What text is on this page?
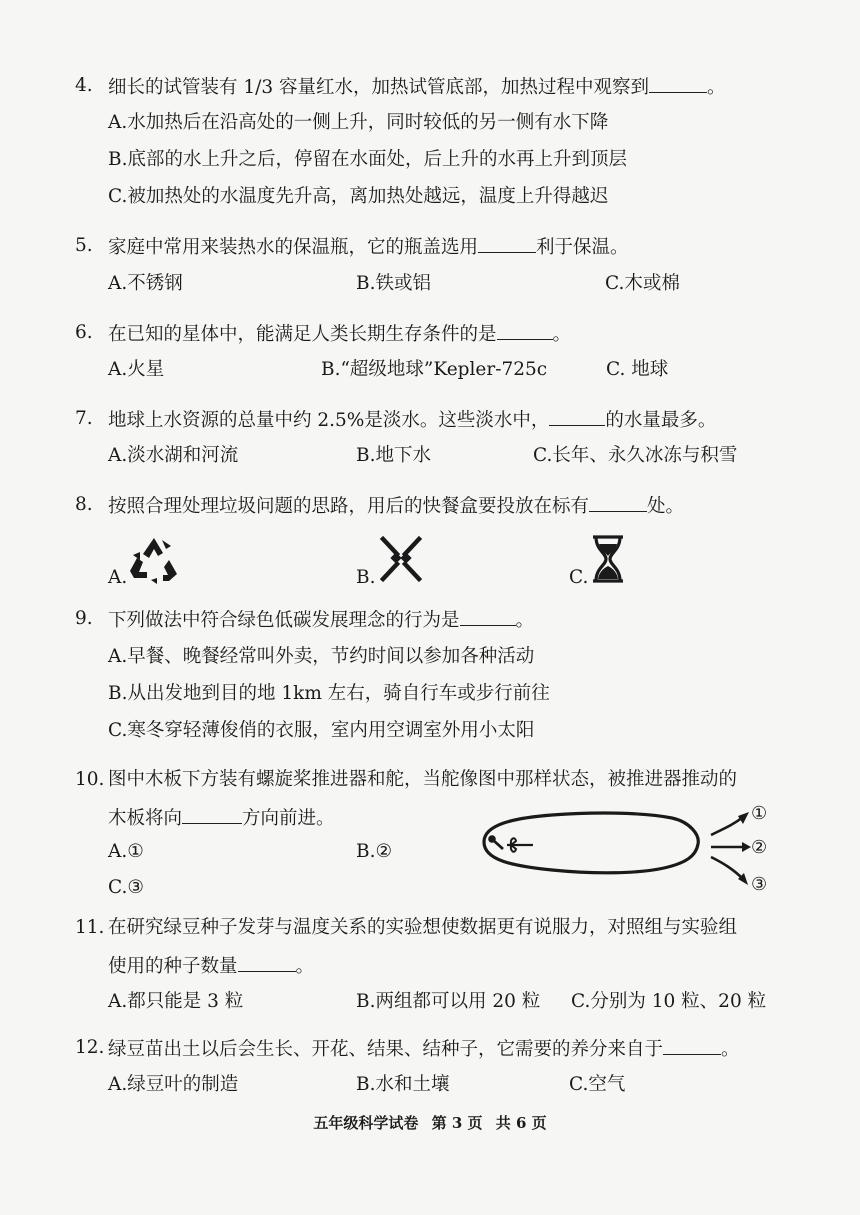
4. 细长的试管装有 1/3 容量红水，加热试管底部，加热过程中观察到	。
A.水加热后在沿高处的一侧上升，同时较低的另一侧有水下降
B.底部的水上升之后，停留在水面处，后上升的水再上升到顶层
C.被加热处的水温度先升高，离加热处越远，温度上升得越迟
5. 家庭中常用来装热水的保温瓶，它的瓶盖选用	利于保温。
A.不锈钢	B.铁或铝	C.木或棉
6. 在已知的星体中，能满足人类长期生存条件的是	。
A.火星	B.“超级地球”Kepler-725c	C. 地球
7. 地球上水资源的总量中约 2.5%是淡水。这些淡水中，	的水量最多。
A.淡水湖和河流	B.地下水	C.长年、永久冰冻与积雪
8. 按照合理处理垃圾问题的思路，用后的快餐盒要投放在标有	处。
A.	B.	C.
9. 下列做法中符合绿色低碳发展理念的行为是	。
A.早餐、晚餐经常叫外卖，节约时间以参加各种活动
B.从出发地到目的地 1km 左右，骑自行车或步行前往
C.寒冬穿轻薄俊俏的衣服，室内用空调室外用小太阳
10. 图中木板下方装有螺旋桨推进器和舵，当舵像图中那样状态，被推进器推动的
木板将向	方向前进。
A.①	B.②
C.③
①
②
③
11. 在研究绿豆种子发芽与温度关系的实验想使数据更有说服力，对照组与实验组
使用的种子数量	。
A.都只能是 3 粒	B.两组都可以用 20 粒 C.分别为 10 粒、20 粒
12. 绿豆苗出土以后会生长、开花、结果、结种子，它需要的养分来自于	。
A.绿豆叶的制造	B.水和土壤	C.空气
五年级科学试卷 第 3 页 共 6 页
